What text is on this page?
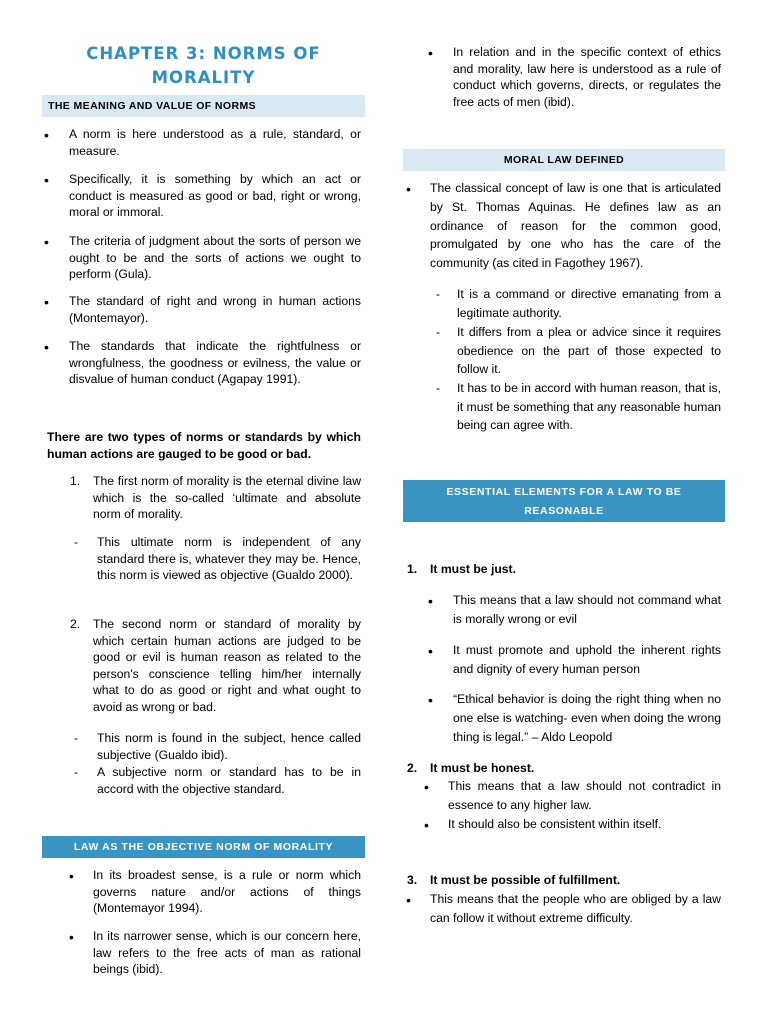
CHAPTER 3: NORMS OF
MORALITY
THE MEANING AND VALUE OF NORMS
• A norm is here understood as a rule, standard, or measure.
• Specifically, it is something by which an act or conduct is measured as good or bad, right or wrong, moral or immoral.
• The criteria of judgment about the sorts of person we ought to be and the sorts of actions we ought to perform (Gula).
• The standard of right and wrong in human actions (Montemayor).
• The standards that indicate the rightfulness or wrongfulness, the goodness or evilness, the value or disvalue of human conduct (Agapay 1991).
There are two types of norms or standards by which human actions are gauged to be good or bad.
1. The first norm of morality is the eternal divine law which is the so-called ‘ultimate and absolute norm of morality.
- This ultimate norm is independent of any standard there is, whatever they may be. Hence, this norm is viewed as objective (Gualdo 2000).
2. The second norm or standard of morality by which certain human actions are judged to be good or evil is human reason as related to the person's conscience telling him/her internally what to do as good or right and what ought to avoid as wrong or bad.
- This norm is found in the subject, hence called subjective (Gualdo ibid).
- A subjective norm or standard has to be in accord with the objective standard.
LAW AS THE OBJECTIVE NORM OF MORALITY
• In its broadest sense, is a rule or norm which governs nature and/or actions of things (Montemayor 1994).
• In its narrower sense, which is our concern here, law refers to the free acts of man as rational beings (ibid).
• In relation and in the specific context of ethics and morality, law here is understood as a rule of conduct which governs, directs, or regulates the free acts of men (ibid).
MORAL LAW DEFINED
• The classical concept of law is one that is articulated by St. Thomas Aquinas. He defines law as an ordinance of reason for the common good, promulgated by one who has the care of the community (as cited in Fagothey 1967).
- It is a command or directive emanating from a legitimate authority.
- It differs from a plea or advice since it requires obedience on the part of those expected to follow it.
- It has to be in accord with human reason, that is, it must be something that any reasonable human being can agree with.
ESSENTIAL ELEMENTS FOR A LAW TO BE
REASONABLE
1. It must be just.
• This means that a law should not command what is morally wrong or evil
• It must promote and uphold the inherent rights and dignity of every human person
• “Ethical behavior is doing the right thing when no one else is watching- even when doing the wrong thing is legal.” – Aldo Leopold
2. It must be honest.
• This means that a law should not contradict in essence to any higher law.
• It should also be consistent within itself.
3. It must be possible of fulfillment.
• This means that the people who are obliged by a law can follow it without extreme difficulty.
